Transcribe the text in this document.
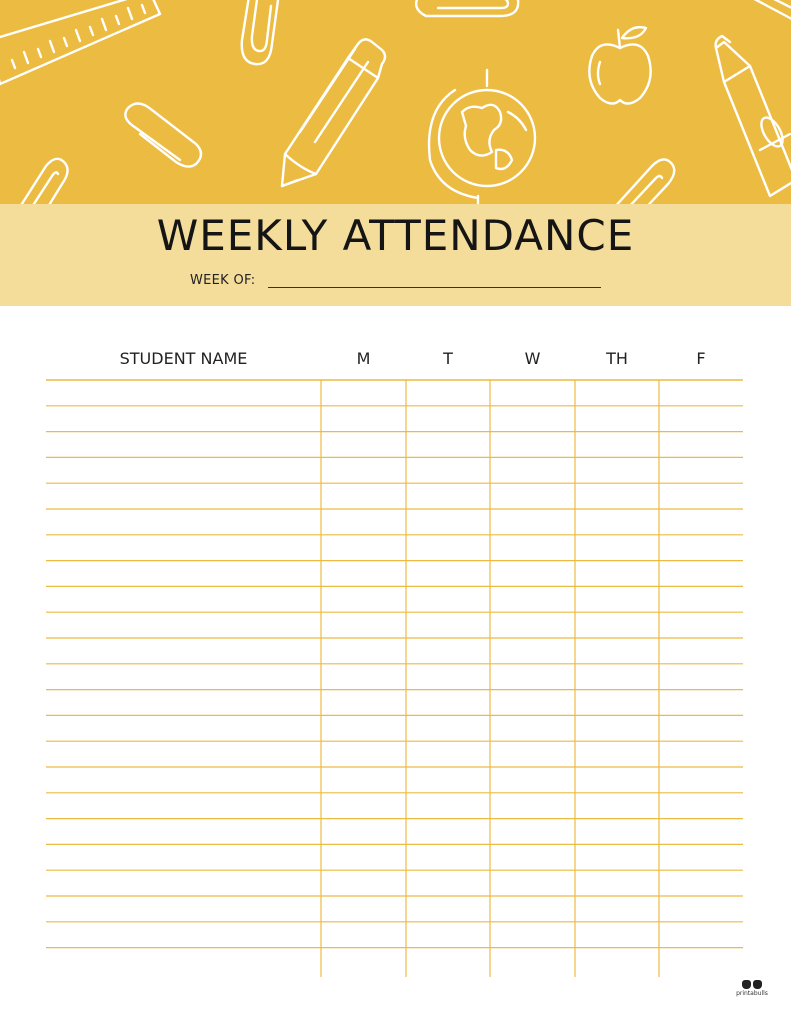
WEEKLY ATTENDANCE
WEEK OF:
STUDENT NAME	M	T	W	TH	F
printabulls
